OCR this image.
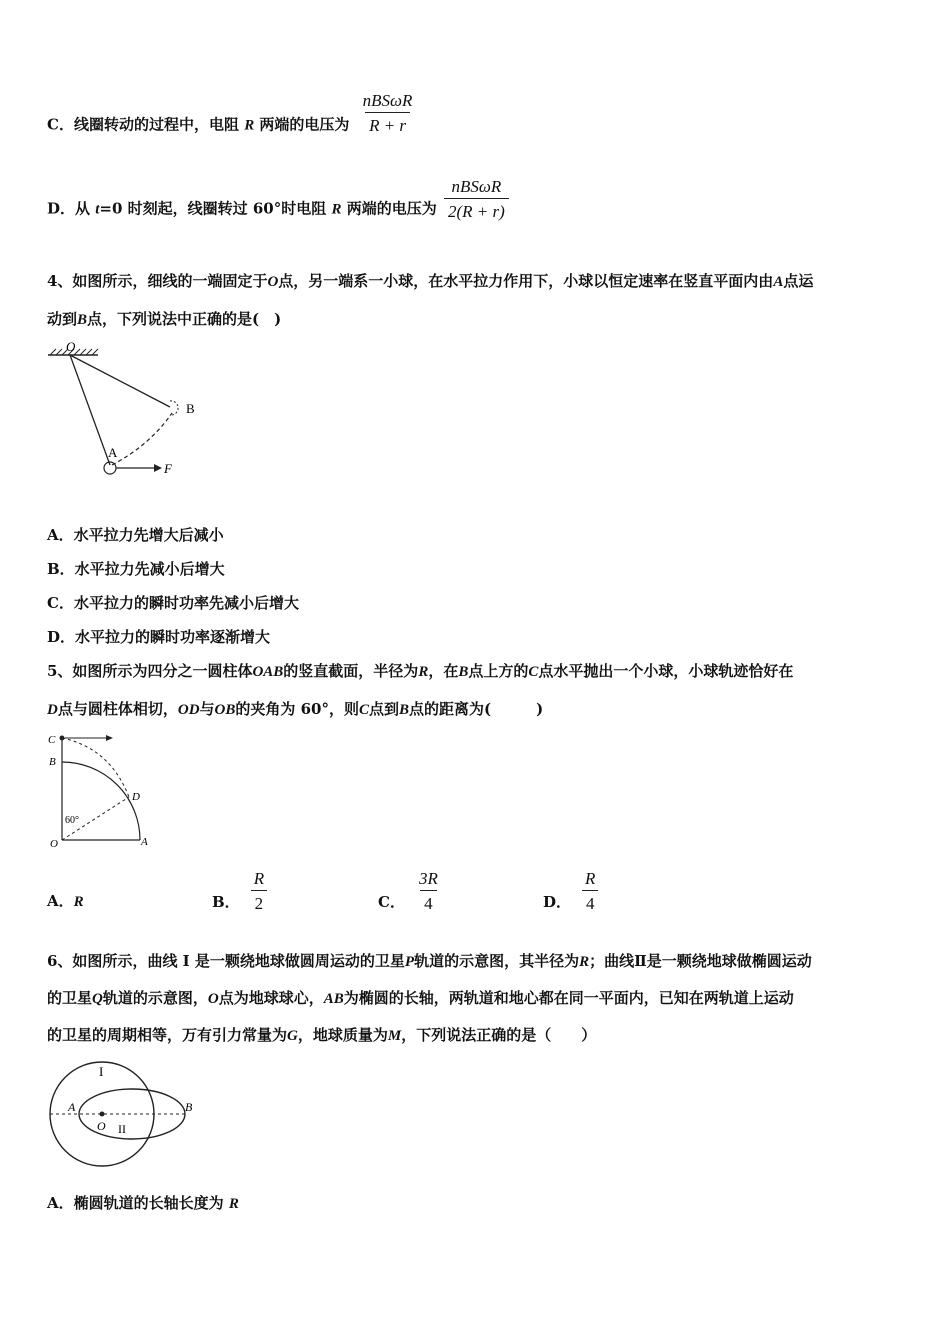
C．线圈转动的过程中，电阻 R 两端的电压为 $\frac{\text{nBSωR}}{R + r}$
D．从 t=0 时刻起，线圈转过 60°时电阻 R 两端的电压为 $\frac{\text{nBSωR}}{2(R + r)}$
4、如图所示，细线的一端固定于O点，另一端系一小球，在水平拉力作用下，小球以恒定速率在竖直平面内由A点运
动到B点，下列说法中正确的是(　)
O
A
B
F
A．水平拉力先增大后减小
B．水平拉力先减小后增大
C．水平拉力的瞬时功率先减小后增大
D．水平拉力的瞬时功率逐渐增大
5、如图所示为四分之一圆柱体OAB的竖直截面，半径为R，在B点上方的C点水平抛出一个小球，小球轨迹恰好在
D点与圆柱体相切，OD与OB的夹角为 60°，则C点到B点的距离为(　　　)
C
B
D
O	A
60°
A．R	B． $\frac{R}{2}$	C． $\frac{3R}{4}$	D． $\frac{R}{4}$
6、如图所示，曲线 I 是一颗绕地球做圆周运动的卫星P轨道的示意图，其半径为R；曲线Ⅱ是一颗绕地球做椭圆运动
的卫星Q轨道的示意图，O点为地球球心，AB为椭圆的长轴，两轨道和地心都在同一平面内，已知在两轨道上运动
的卫星的周期相等，万有引力常量为G，地球质量为M，下列说法正确的是（　　）
I
II
A	B
O
A．椭圆轨道的长轴长度为 R
